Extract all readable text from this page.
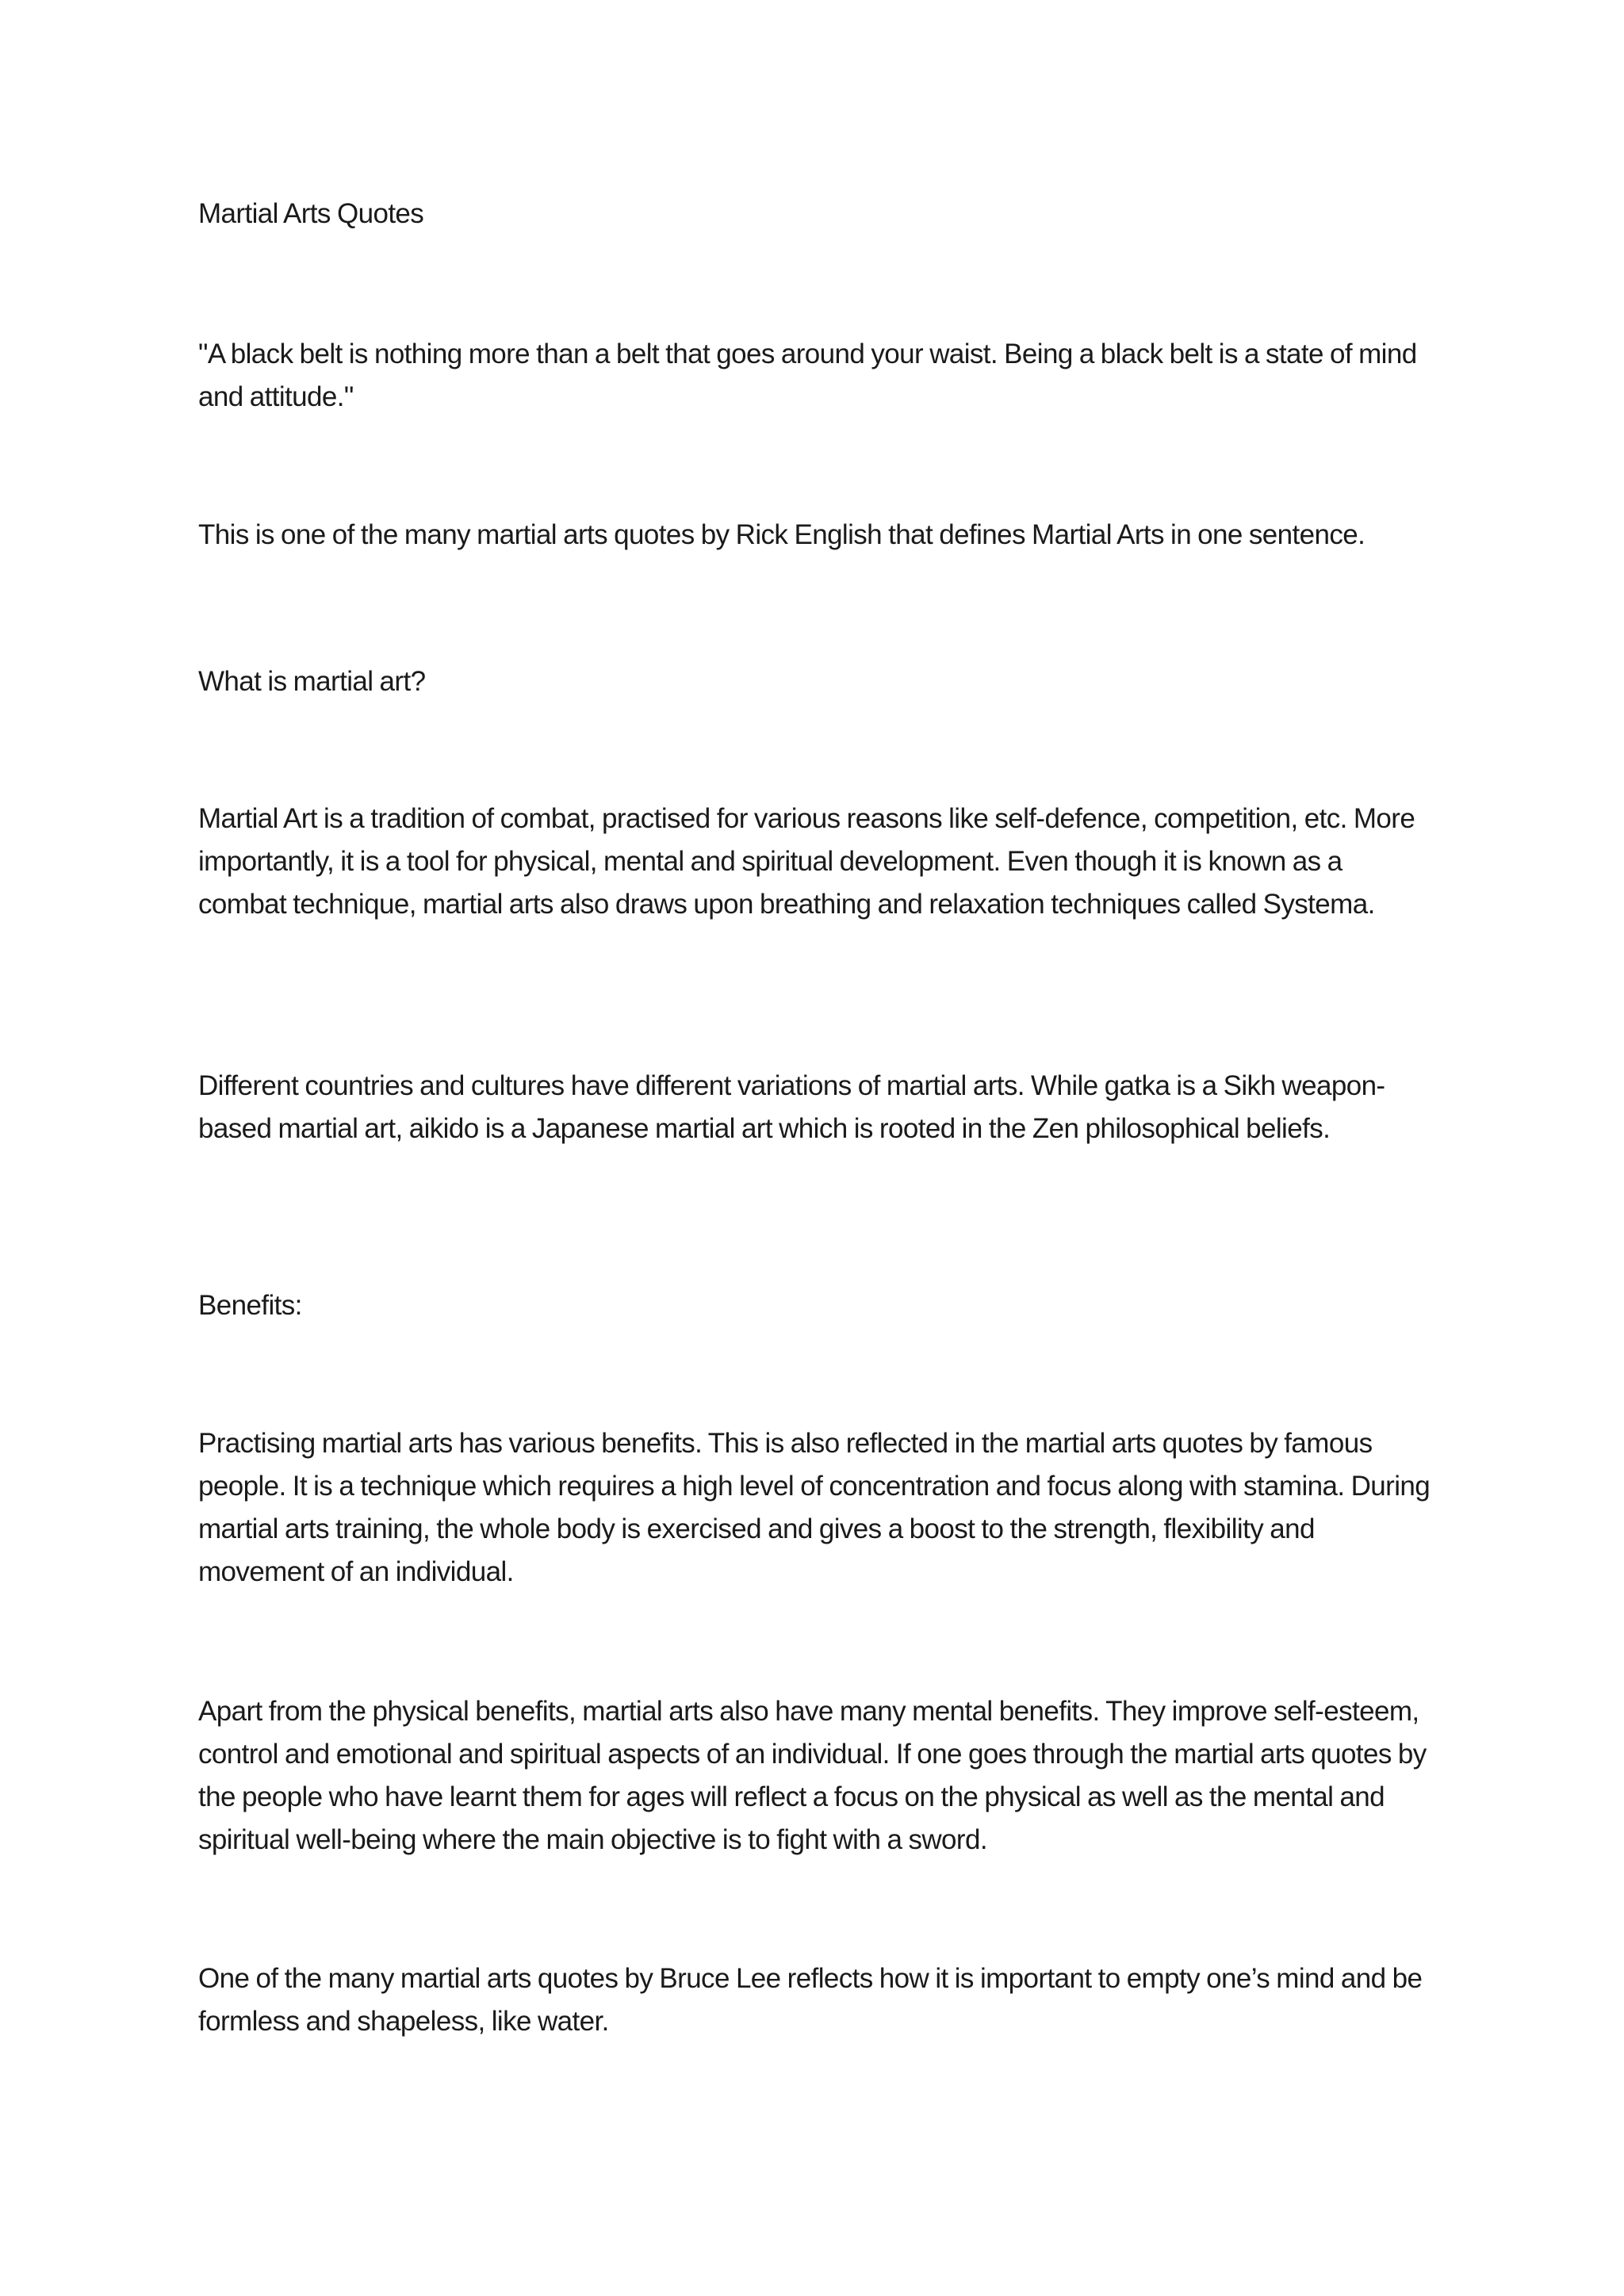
Martial Arts Quotes

"A black belt is nothing more than a belt that goes around your waist. Being a black belt is a state of mind and attitude."

This is one of the many martial arts quotes by Rick English that defines Martial Arts in one sentence.

What is martial art?

Martial Art is a tradition of combat, practised for various reasons like self-defence, competition, etc. More importantly, it is a tool for physical, mental and spiritual development. Even though it is known as a combat technique, martial arts also draws upon breathing and relaxation techniques called Systema.

Different countries and cultures have different variations of martial arts. While gatka is a Sikh weapon-based martial art, aikido is a Japanese martial art which is rooted in the Zen philosophical beliefs.

Benefits:

Practising martial arts has various benefits. This is also reflected in the martial arts quotes by famous people. It is a technique which requires a high level of concentration and focus along with stamina. During martial arts training, the whole body is exercised and gives a boost to the strength, flexibility and movement of an individual.

Apart from the physical benefits, martial arts also have many mental benefits. They improve self-esteem, control and emotional and spiritual aspects of an individual. If one goes through the martial arts quotes by the people who have learnt them for ages will reflect a focus on the physical as well as the mental and spiritual well-being where the main objective is to fight with a sword.

One of the many martial arts quotes by Bruce Lee reflects how it is important to empty one’s mind and be formless and shapeless, like water.
